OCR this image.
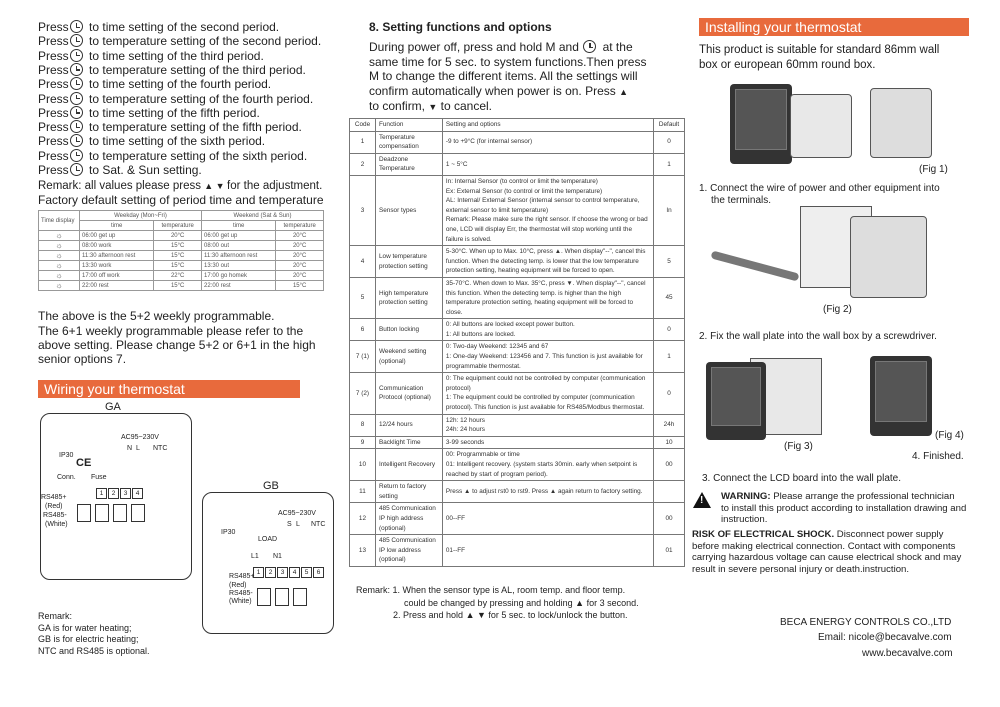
Press to time setting of the second period.
Press to temperature setting of the second period.
Press to time setting of the third period.
Press to temperature setting of the third period.
Press to time setting of the fourth period.
Press to temperature setting of the fourth period.
Press to time setting of the fifth period.
Press to temperature setting of the fifth period.
Press to time setting of the sixth period.
Press to temperature setting of the sixth period.
Press to Sat. & Sun setting.
Remark: all values please press ▲ ▼ for the adjustment.
Factory default setting of period time and temperature
Time display	Weekday (Mon~Fri)		Weekend (Sat & Sun)	
	time	temperature	time	temperature
☼	06:00 get up	20°C	06:00 get up	20°C
☼	08:00 work	15°C	08:00 out	20°C
☼	11:30 afternoon rest	15°C	11:30 afternoon rest	20°C
☼	13:30 work	15°C	13:30 out	20°C
☼	17:00 off work	22°C	17:00 go homek	20°C
☼	22:00 rest	15°C	22:00 rest	15°C
The above is the 5+2 weekly programmable.
The 6+1 weekly programmable please refer to the
above setting. Please change 5+2 or 6+1 in the high
senior options 7.
Wiring your thermostat
GA
AC95~230V
N L NTC
IP30
CE
Conn. Fuse
1 2 3 4
RS485+
(Red)
RS485-
(White)
GB
AC95~230V
S L NTC
IP30
LOAD
L1 N1
1 2 3 4 5 6
RS485+
(Red)
RS485-
(White)
Remark:
GA is for water heating;
GB is for electric heating;
NTC and RS485 is optional.
8. Setting functions and options
During power off, press and hold M and at the
same time for 5 sec. to system functions.Then press
M to change the different items. All the settings will
confirm automatically when power is on. Press ▲
to confirm, ▼ to cancel.
Code	Function	Setting and options	Default
1	Temperature compensation	-9 to +9°C (for internal sensor)	0
2	Deadzone Temperature	1 ~ 5°C	1
3	Sensor types	In: Internal Sensor (to control or limit the temperature)
Ex: External Sensor (to control or limit the temperature)
AL: Internal/ External Sensor (internal sensor to control temperature, external sensor to limit temperature)
Remark: Please make sure the right sensor. If choose the wrong or bad one, LCD will display Err, the thermostat will stop working until the failure is solved.	In
4	Low temperature protection setting	5-30°C. When up to Max. 10°C, press ▲. When display"--", cancel this function. When the detecting temp. is lower that the low temperature protection setting, heating equipment will be forced to open.	5
5	High temperature protection setting	35-70°C. When down to Max. 35°C, press ▼. When display"--", cancel this function. When the detecting temp. is higher than the high temperature protection setting, heating equipment will be forced to close.	45
6	Button locking	0: All buttons are locked except power button.
1: All buttons are locked.	0
7 (1)	Weekend setting (optional)	0: Two-day Weekend: 12345 and 67
1: One-day Weekend: 123456 and 7. This function is just available for programmable thermostat.	1
7 (2)	Communication Protocol (optional)	0: The equipment could not be controlled by computer (communication protocol)
1: The equipment could be controlled by computer (communication protocol). This function is just available for RS485/Modbus thermostat.	0
8	12/24 hours	12h: 12 hours
24h: 24 hours	24h
9	Backlight Time	3-99 seconds	10
10	Intelligent Recovery	00: Programmable or time
01: Intelligent recovery. (system starts 30min. early when setpoint is reached by start of program period).	00
11	Return to factory setting	Press ▲ to adjust rst0 to rst9. Press ▲ again return to factory setting.	
12	485 Communication IP high address (optional)	00--FF	00
13	485 Communication IP low address (optional)	01--FF	01
Remark: 1. When the sensor type is AL, room temp. and floor temp.
could be changed by pressing and holding ▲ for 3 second.
2. Press and hold ▲ ▼ for 5 sec. to lock/unlock the button.
Installing your thermostat
This product is suitable for standard 86mm wall
box or european 60mm round box.
(Fig 1)
1. Connect the wire of power and other equipment into
the terminals.
(Fig 2)
2. Fix the wall plate into the wall box by a screwdriver.
(Fig 4)
(Fig 3)
4. Finished.
3. Connect the LCD board into the wall plate.
! WARNING: Please arrange the professional technician
to install this product according to installation drawing and
instruction.
RISK OF ELECTRICAL SHOCK. Disconnect power supply
before making electrical connection. Contact with components
carrying hazardous voltage can cause electrical shock and may
result in severe personal injury or death.instruction.
BECA ENERGY CONTROLS CO.,LTD
Email: nicole@becavalve.com
www.becavalve.com
